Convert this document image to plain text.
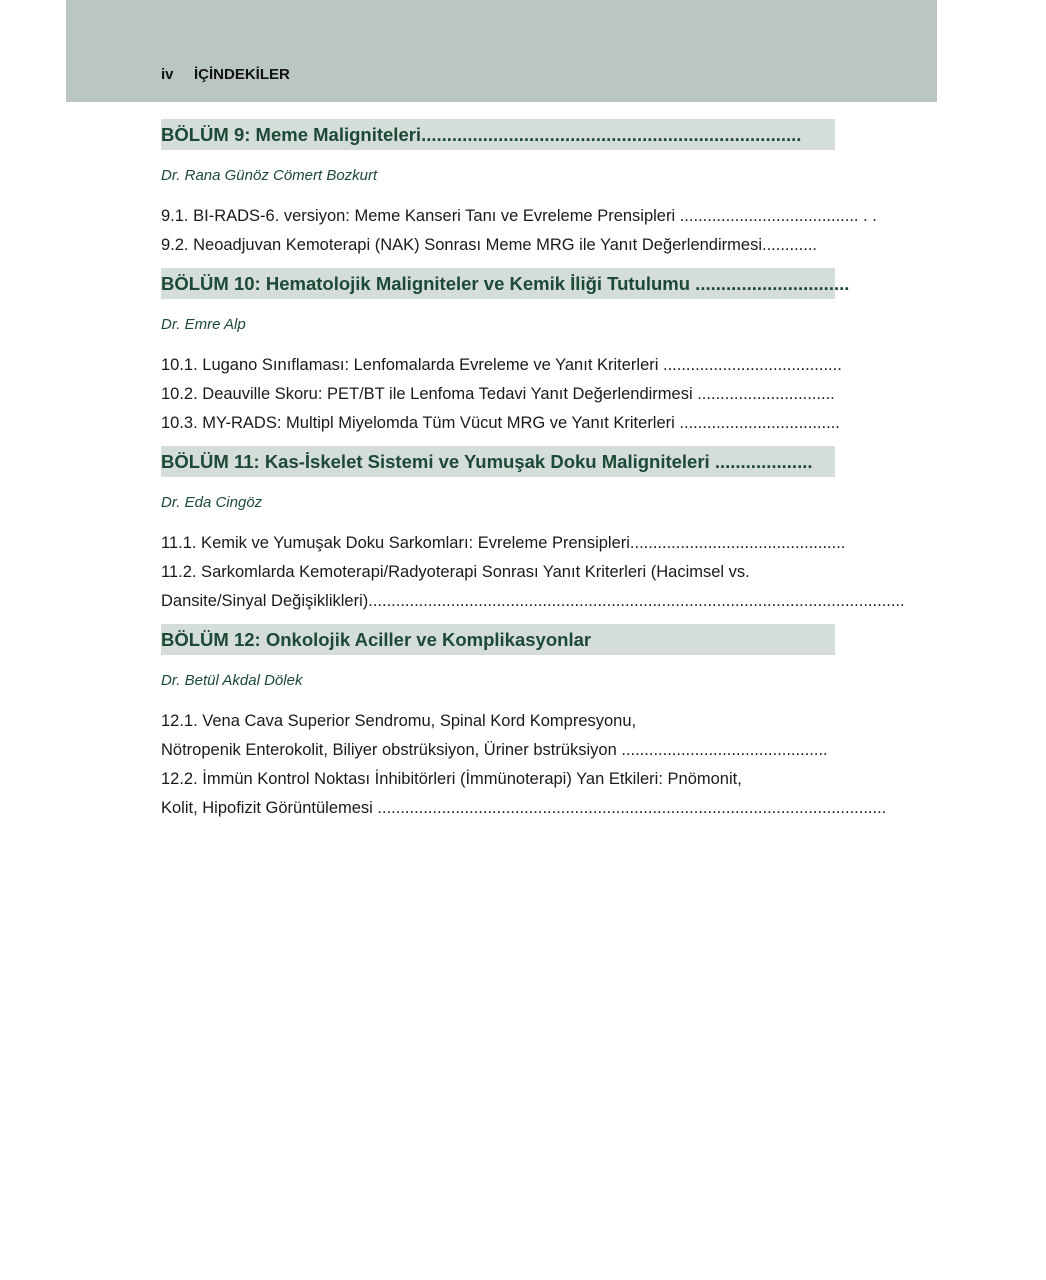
iv İÇİNDEKİLER
BÖLÜM 9: Meme Maligniteleri..........................................................................
Dr. Rana Günöz Cömert Bozkurt
9.1. BI-RADS-6. versiyon: Meme Kanseri Tanı ve Evreleme Prensipleri ....................................... . .
9.2. Neoadjuvan Kemoterapi (NAK) Sonrası Meme MRG ile Yanıt Değerlendirmesi............
BÖLÜM 10: Hematolojik Maligniteler ve Kemik İliği Tutulumu ..............................
Dr. Emre Alp
10.1. Lugano Sınıflaması: Lenfomalarda Evreleme ve Yanıt Kriterleri .......................................
10.2. Deauville Skoru: PET/BT ile Lenfoma Tedavi Yanıt Değerlendirmesi ..............................
10.3. MY-RADS: Multipl Miyelomda Tüm Vücut MRG ve Yanıt Kriterleri ...................................
BÖLÜM 11: Kas-İskelet Sistemi ve Yumuşak Doku Maligniteleri ...................
Dr. Eda Cingöz
11.1. Kemik ve Yumuşak Doku Sarkomları: Evreleme Prensipleri...............................................
11.2. Sarkomlarda Kemoterapi/Radyoterapi Sonrası Yanıt Kriterleri (Hacimsel vs.
Dansite/Sinyal Değişiklikleri).....................................................................................................................
BÖLÜM 12: Onkolojik Aciller ve Komplikasyonlar
Dr. Betül Akdal Dölek
12.1. Vena Cava Superior Sendromu, Spinal Kord Kompresyonu,
Nötropenik Enterokolit, Biliyer obstrüksiyon, Üriner bstrüksiyon .............................................
12.2. İmmün Kontrol Noktası İnhibitörleri (İmmünoterapi) Yan Etkileri: Pnömonit,
Kolit, Hipofizit Görüntülemesi ...............................................................................................................
